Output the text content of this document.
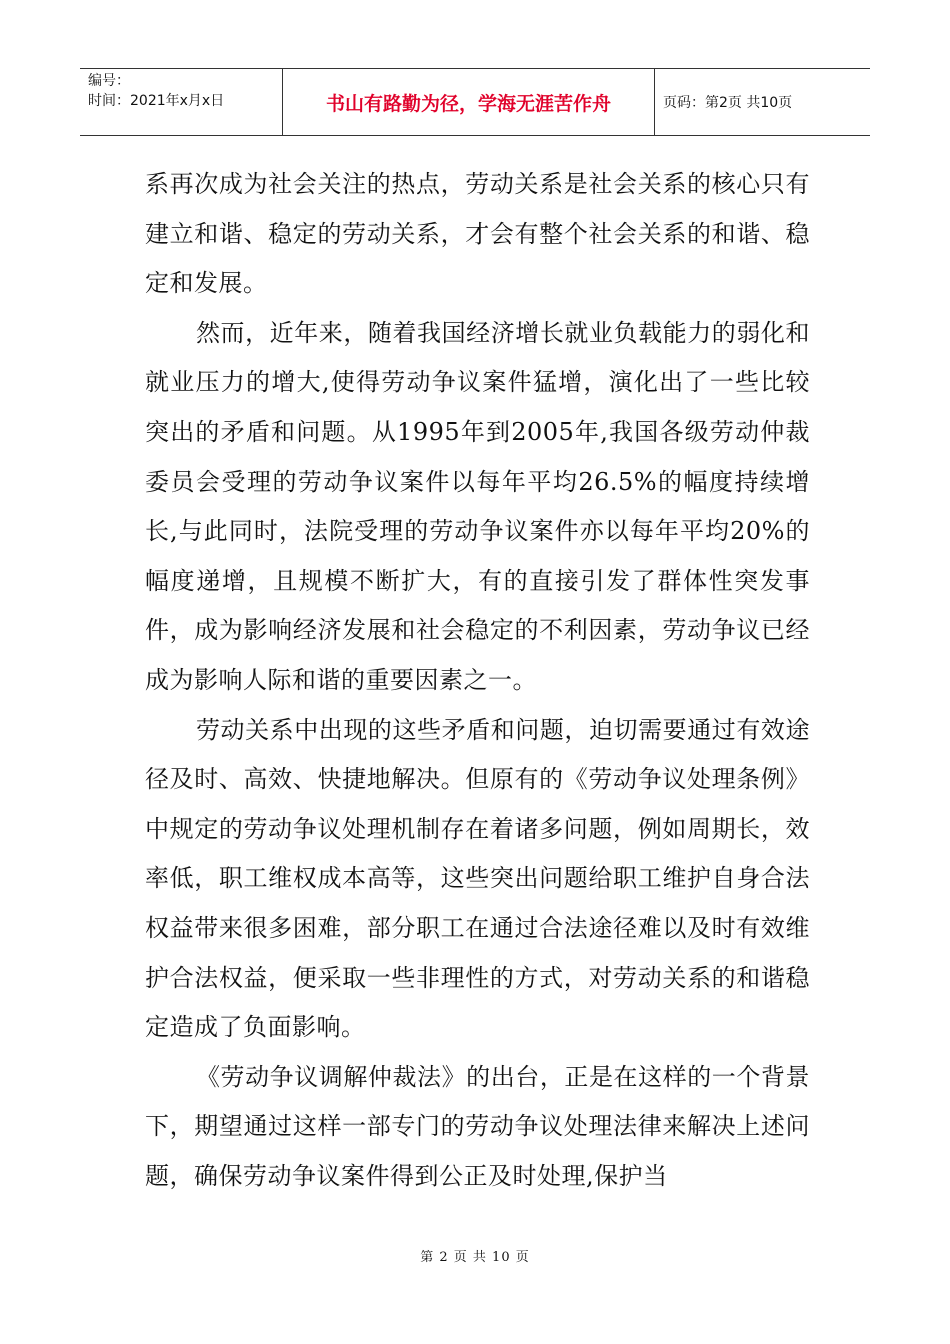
编号：
时间：2021年x月x日	书山有路勤为径，学海无涯苦作舟	页码：第2页 共10页

系再次成为社会关注的热点，劳动关系是社会关系的核心只有建立和谐、稳定的劳动关系，才会有整个社会关系的和谐、稳定和发展。

然而，近年来，随着我国经济增长就业负载能力的弱化和就业压力的增大,使得劳动争议案件猛增，演化出了一些比较突出的矛盾和问题。从1995年到2005年,我国各级劳动仲裁委员会受理的劳动争议案件以每年平均26.5%的幅度持续增长,与此同时，法院受理的劳动争议案件亦以每年平均20%的幅度递增，且规模不断扩大，有的直接引发了群体性突发事件，成为影响经济发展和社会稳定的不利因素，劳动争议已经成为影响人际和谐的重要因素之一。

劳动关系中出现的这些矛盾和问题，迫切需要通过有效途径及时、高效、快捷地解决。但原有的《劳动争议处理条例》中规定的劳动争议处理机制存在着诸多问题，例如周期长，效率低，职工维权成本高等，这些突出问题给职工维护自身合法权益带来很多困难，部分职工在通过合法途径难以及时有效维护合法权益，便采取一些非理性的方式，对劳动关系的和谐稳定造成了负面影响。

《劳动争议调解仲裁法》的出台，正是在这样的一个背景下，期望通过这样一部专门的劳动争议处理法律来解决上述问题，确保劳动争议案件得到公正及时处理,保护当

第 2 页 共 10 页
